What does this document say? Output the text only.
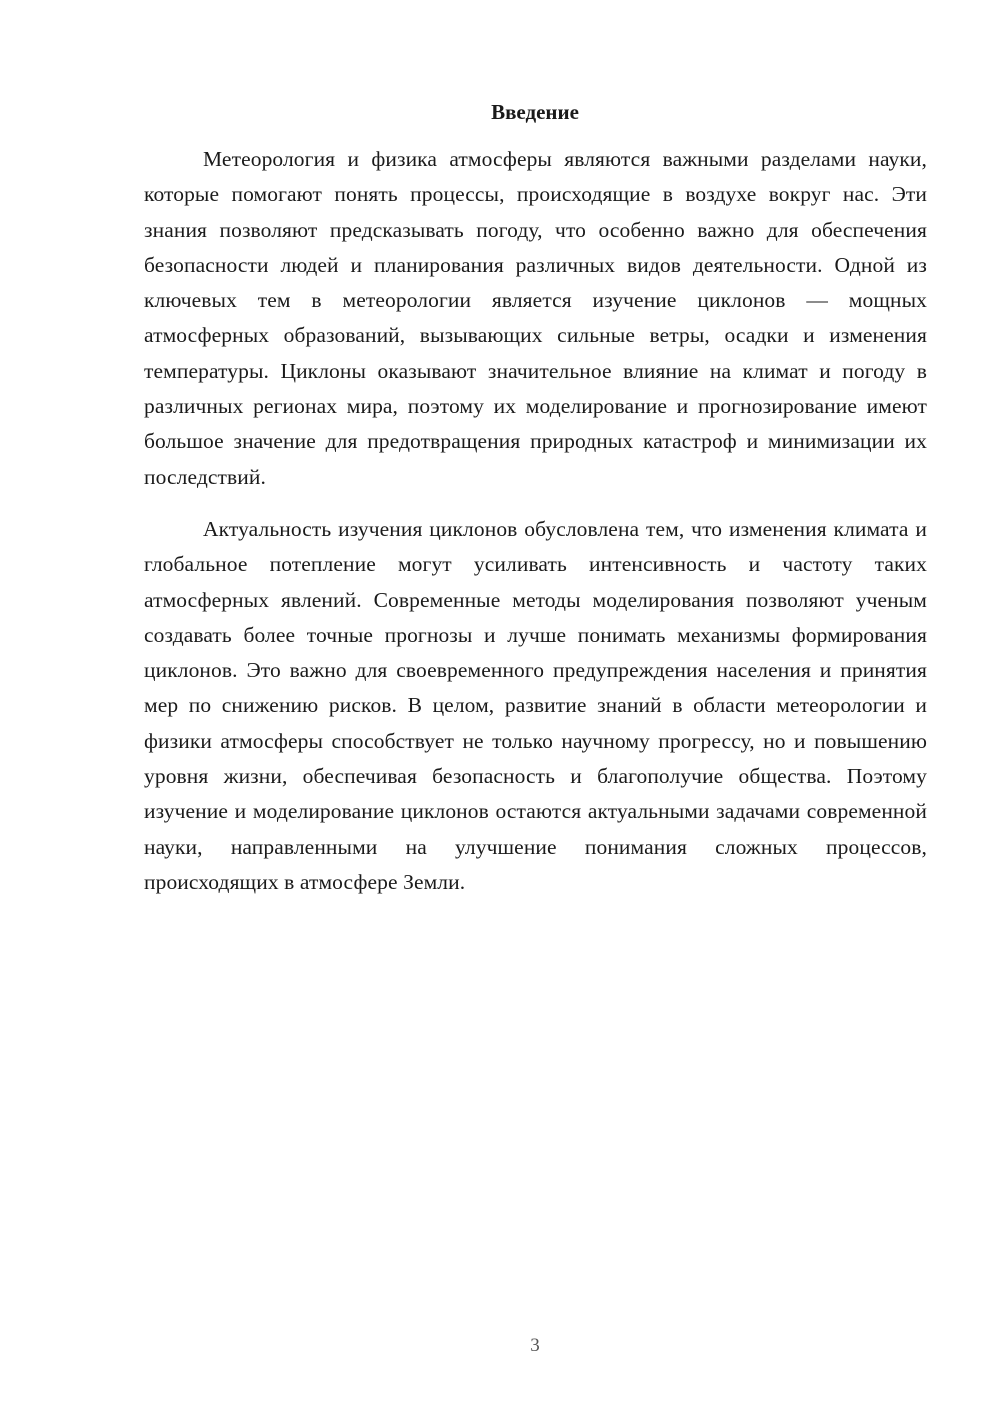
Введение

Метеорология и физика атмосферы являются важными разделами науки, которые помогают понять процессы, происходящие в воздухе вокруг нас. Эти знания позволяют предсказывать погоду, что особенно важно для обеспечения безопасности людей и планирования различных видов деятельности. Одной из ключевых тем в метеорологии является изучение циклонов — мощных атмосферных образований, вызывающих сильные ветры, осадки и изменения температуры. Циклоны оказывают значительное влияние на климат и погоду в различных регионах мира, поэтому их моделирование и прогнозирование имеют большое значение для предотвращения природных катастроф и минимизации их последствий.

Актуальность изучения циклонов обусловлена тем, что изменения климата и глобальное потепление могут усиливать интенсивность и частоту таких атмосферных явлений. Современные методы моделирования позволяют ученым создавать более точные прогнозы и лучше понимать механизмы формирования циклонов. Это важно для своевременного предупреждения населения и принятия мер по снижению рисков. В целом, развитие знаний в области метеорологии и физики атмосферы способствует не только научному прогрессу, но и повышению уровня жизни, обеспечивая безопасность и благополучие общества. Поэтому изучение и моделирование циклонов остаются актуальными задачами современной науки, направленными на улучшение понимания сложных процессов, происходящих в атмосфере Земли.

3
